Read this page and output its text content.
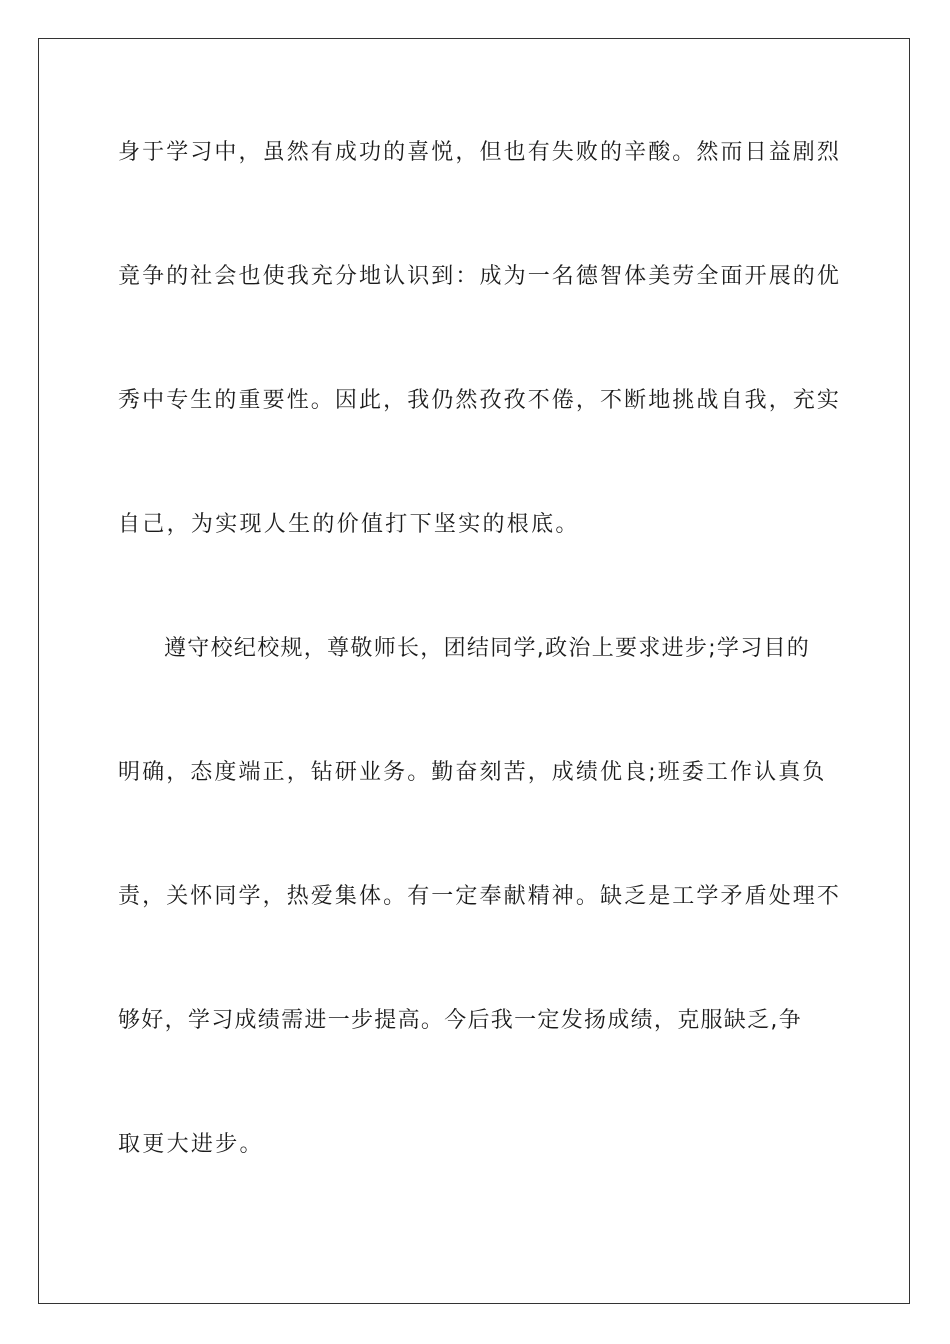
身于学习中，虽然有成功的喜悦，但也有失败的辛酸。然而日益剧烈
竟争的社会也使我充分地认识到：成为一名德智体美劳全面开展的优
秀中专生的重要性。因此，我仍然孜孜不倦，不断地挑战自我，充实
自己，为实现人生的价值打下坚实的根底。
遵守校纪校规，尊敬师长，团结同学,政治上要求进步;学习目的
明确，态度端正，钻研业务。勤奋刻苦，成绩优良;班委工作认真负
责，关怀同学，热爱集体。有一定奉献精神。缺乏是工学矛盾处理不
够好，学习成绩需进一步提高。今后我一定发扬成绩，克服缺乏,争
取更大进步。
